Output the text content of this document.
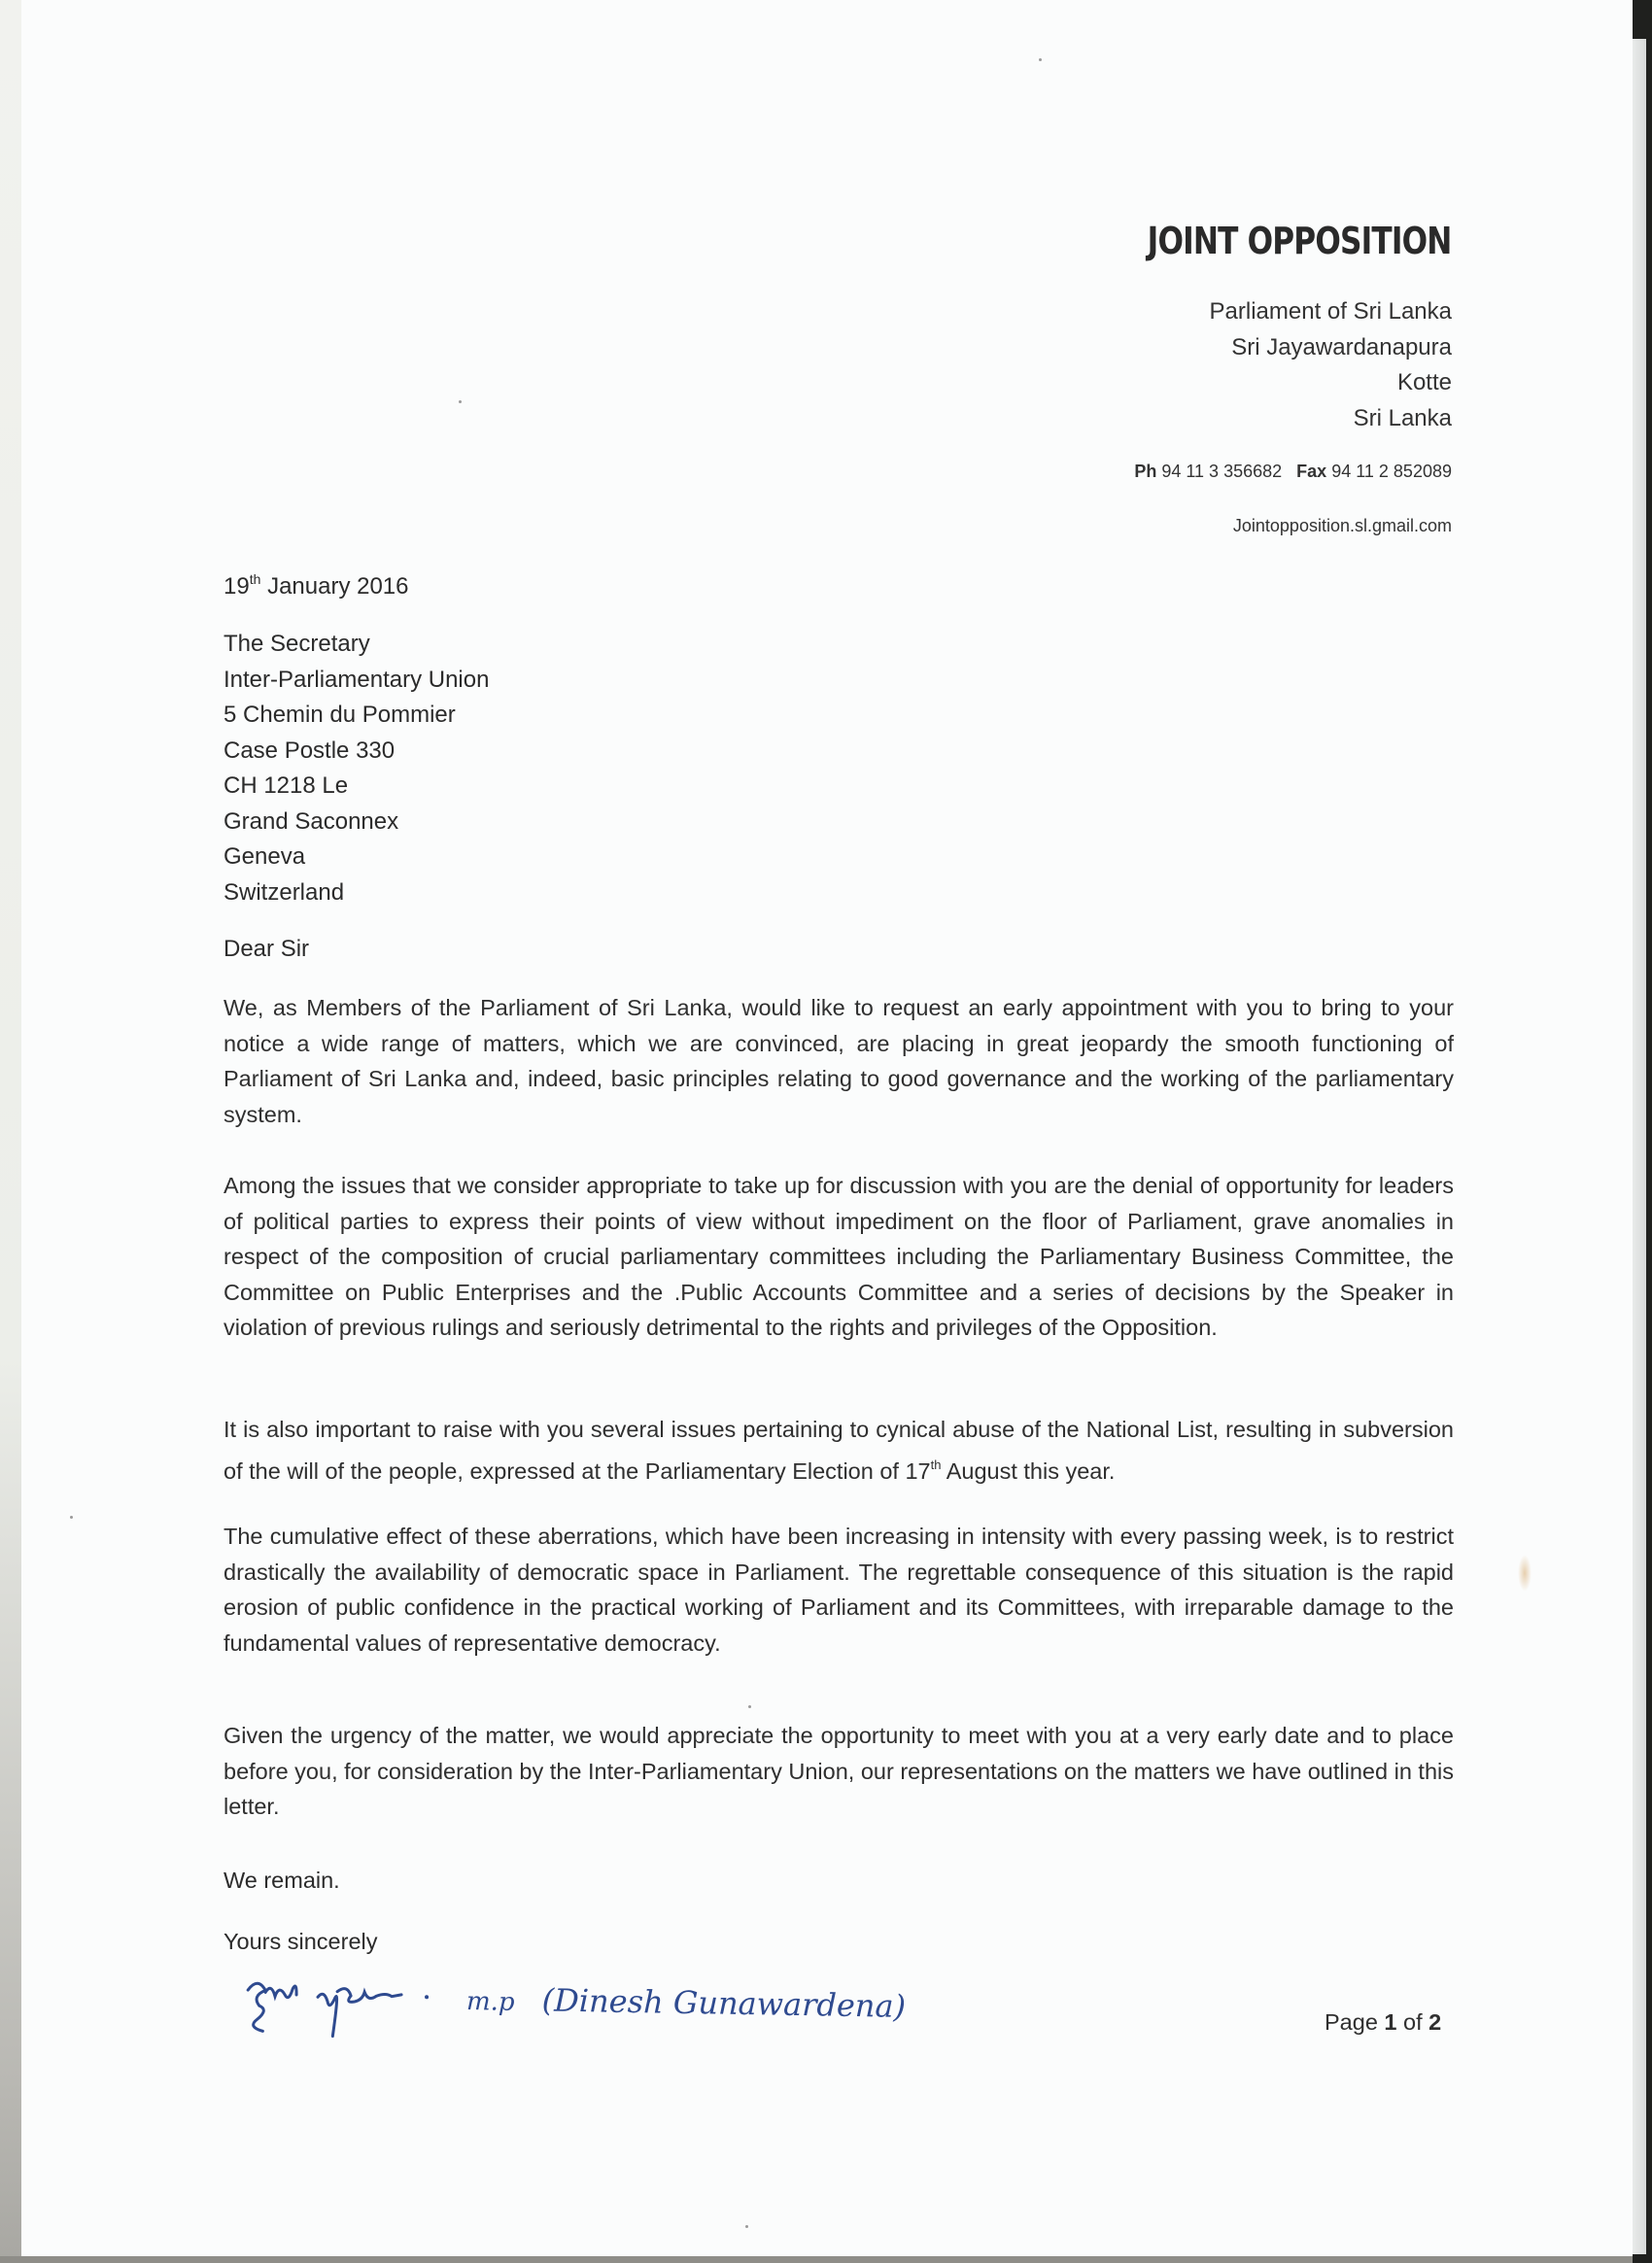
JOINT OPPOSITION
Parliament of Sri Lanka
Sri Jayawardanapura
Kotte
Sri Lanka
Ph 94 11 3 356682 Fax 94 11 2 852089
Jointopposition.sl.gmail.com
19th January 2016
The Secretary
Inter-Parliamentary Union
5 Chemin du Pommier
Case Postle 330
CH 1218 Le
Grand Saconnex
Geneva
Switzerland
Dear Sir
We, as Members of the Parliament of Sri Lanka, would like to request an early appointment with you to bring to your notice a wide range of matters, which we are convinced, are placing in great jeopardy the smooth functioning of Parliament of Sri Lanka and, indeed, basic principles relating to good governance and the working of the parliamentary system.
Among the issues that we consider appropriate to take up for discussion with you are the denial of opportunity for leaders of political parties to express their points of view without impediment on the floor of Parliament, grave anomalies in respect of the composition of crucial parliamentary committees including the Parliamentary Business Committee, the Committee on Public Enterprises and the .Public Accounts Committee and a series of decisions by the Speaker in violation of previous rulings and seriously detrimental to the rights and privileges of the Opposition.
It is also important to raise with you several issues pertaining to cynical abuse of the National List, resulting in subversion of the will of the people, expressed at the Parliamentary Election of 17th August this year.
The cumulative effect of these aberrations, which have been increasing in intensity with every passing week, is to restrict drastically the availability of democratic space in Parliament. The regrettable consequence of this situation is the rapid erosion of public confidence in the practical working of Parliament and its Committees, with irreparable damage to the fundamental values of representative democracy.
Given the urgency of the matter, we would appreciate the opportunity to meet with you at a very early date and to place before you, for consideration by the Inter-Parliamentary Union, our representations on the matters we have outlined in this letter.
We remain.
Yours sincerely
m.p (Dinesh Gunawardena)	Page 1 of 2
